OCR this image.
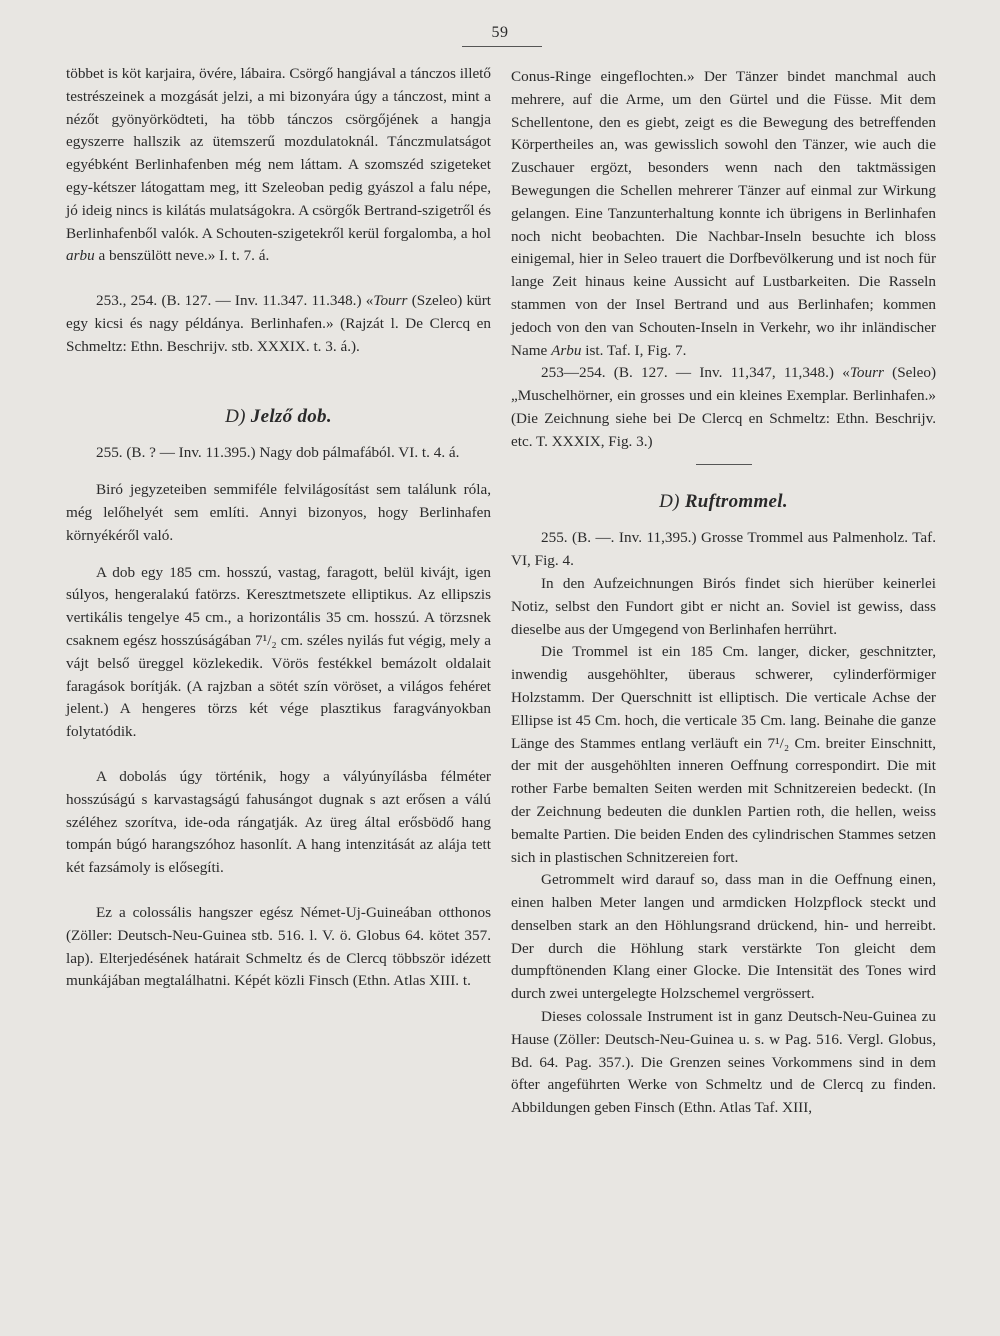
59

többet is köt karjaira, övére, lábaira. Csörgő hangjával a tánczos illető testrészeinek a mozgását jelzi, a mi bizonyára úgy a tánczost, mint a nézőt gyönyörködteti, ha több tánczos csörgőjének a hangja egyszerre hallszik az ütemszerű mozdulatoknál. Tánczmulatságot egyébként Berlinhafenben még nem láttam. A szomszéd szigeteket egy-kétszer látogattam meg, itt Szeleoban pedig gyászol a falu népe, jó ideig nincs is kilátás mulatságokra. A csörgők Bertrand-szigetről és Berlinhafenből valók. A Schouten-szigetekről kerül forgalomba, a hol arbu a benszülött neve.» I. t. 7. á.

253., 254. (B. 127. — Inv. 11.347. 11.348.) «Tourr (Szeleo) kürt egy kicsi és nagy példánya. Berlinhafen.» (Rajzát l. De Clercq en Schmeltz: Ethn. Beschrijv. stb. XXXIX. t. 3. á.).

D) Jelző dob.

255. (B. ? — Inv. 11.395.) Nagy dob pálmafából. VI. t. 4. á.

Biró jegyzeteiben semmiféle felvilágosítást sem találunk róla, még lelőhelyét sem említi. Annyi bizonyos, hogy Berlinhafen környékéről való.

A dob egy 185 cm. hosszú, vastag, faragott, belül kivájt, igen súlyos, hengeralakú fatörzs. Keresztmetszete elliptikus. Az ellipszis vertikális tengelye 45 cm., a horizontális 35 cm. hosszú. A törzsnek csaknem egész hosszúságában 7¹/₂ cm. széles nyilás fut végig, mely a vájt belső üreggel közlekedik. Vörös festékkel bemázolt oldalait faragások borítják. (A rajzban a sötét szín vöröset, a világos fehéret jelent.) A hengeres törzs két vége plasztikus faragványokban folytatódik.

A dobolás úgy történik, hogy a vályúnyílásba félméter hosszúságú s karvastagságú fahusángot dugnak s azt erősen a válú széléhez szorítva, ide-oda rángatják. Az üreg által erősbödő hang tompán búgó harangszóhoz hasonlít. A hang intenzitását az alája tett két fazsámoly is elősegíti.

Ez a colossális hangszer egész Német-Uj-Guineában otthonos (Zöller: Deutsch-Neu-Guinea stb. 516. l. V. ö. Globus 64. kötet 357. lap). Elterjedésének határait Schmeltz és de Clercq többször idézett munkájában megtalálhatni. Képét közli Finsch (Ethn. Atlas XIII. t.

Conus-Ringe eingeflochten.» Der Tänzer bindet manchmal auch mehrere, auf die Arme, um den Gürtel und die Füsse. Mit dem Schellentone, den es giebt, zeigt es die Bewegung des betreffenden Körpertheiles an, was gewisslich sowohl den Tänzer, wie auch die Zuschauer ergözt, besonders wenn nach den taktmässigen Bewegungen die Schellen mehrerer Tänzer auf einmal zur Wirkung gelangen. Eine Tanzunterhaltung konnte ich übrigens in Berlinhafen noch nicht beobachten. Die Nachbar-Inseln besuchte ich bloss einigemal, hier in Seleo trauert die Dorfbevölkerung und ist noch für lange Zeit hinaus keine Aussicht auf Lustbarkeiten. Die Rasseln stammen von der Insel Bertrand und aus Berlinhafen; kommen jedoch von den van Schouten-Inseln in Verkehr, wo ihr inländischer Name Arbu ist. Taf. I, Fig. 7.

253—254. (B. 127. — Inv. 11,347, 11,348.) «Tourr (Seleo) „Muschelhörner, ein grosses und ein kleines Exemplar. Berlinhafen.» (Die Zeichnung siehe bei De Clercq en Schmeltz: Ethn. Beschrijv. etc. T. XXXIX, Fig. 3.)

D) Ruftrommel.

255. (B. —. Inv. 11,395.) Grosse Trommel aus Palmenholz. Taf. VI, Fig. 4.

In den Aufzeichnungen Birós findet sich hierüber keinerlei Notiz, selbst den Fundort gibt er nicht an. Soviel ist gewiss, dass dieselbe aus der Umgegend von Berlinhafen herrührt.

Die Trommel ist ein 185 Cm. langer, dicker, geschnitzter, inwendig ausgehöhlter, überaus schwerer, cylinderförmiger Holzstamm. Der Querschnitt ist elliptisch. Die verticale Achse der Ellipse ist 45 Cm. hoch, die verticale 35 Cm. lang. Beinahe die ganze Länge des Stammes entlang verläuft ein 7¹/₂ Cm. breiter Einschnitt, der mit der ausgehöhlten inneren Oeffnung correspondirt. Die mit rother Farbe bemalten Seiten werden mit Schnitzereien bedeckt. (In der Zeichnung bedeuten die dunklen Partien roth, die hellen, weiss bemalte Partien. Die beiden Enden des cylindrischen Stammes setzen sich in plastischen Schnitzereien fort.

Getrommelt wird darauf so, dass man in die Oeffnung einen, einen halben Meter langen und armdicken Holzpflock steckt und denselben stark an den Höhlungsrand drückend, hin- und herreibt. Der durch die Höhlung stark verstärkte Ton gleicht dem dumpftönenden Klang einer Glocke. Die Intensität des Tones wird durch zwei untergelegte Holzschemel vergrössert.

Dieses colossale Instrument ist in ganz Deutsch-Neu-Guinea zu Hause (Zöller: Deutsch-Neu-Guinea u. s. w Pag. 516. Vergl. Globus, Bd. 64. Pag. 357.). Die Grenzen seines Vorkommens sind in dem öfter angeführten Werke von Schmeltz und de Clercq zu finden. Abbildungen geben Finsch (Ethn. Atlas Taf. XIII,
